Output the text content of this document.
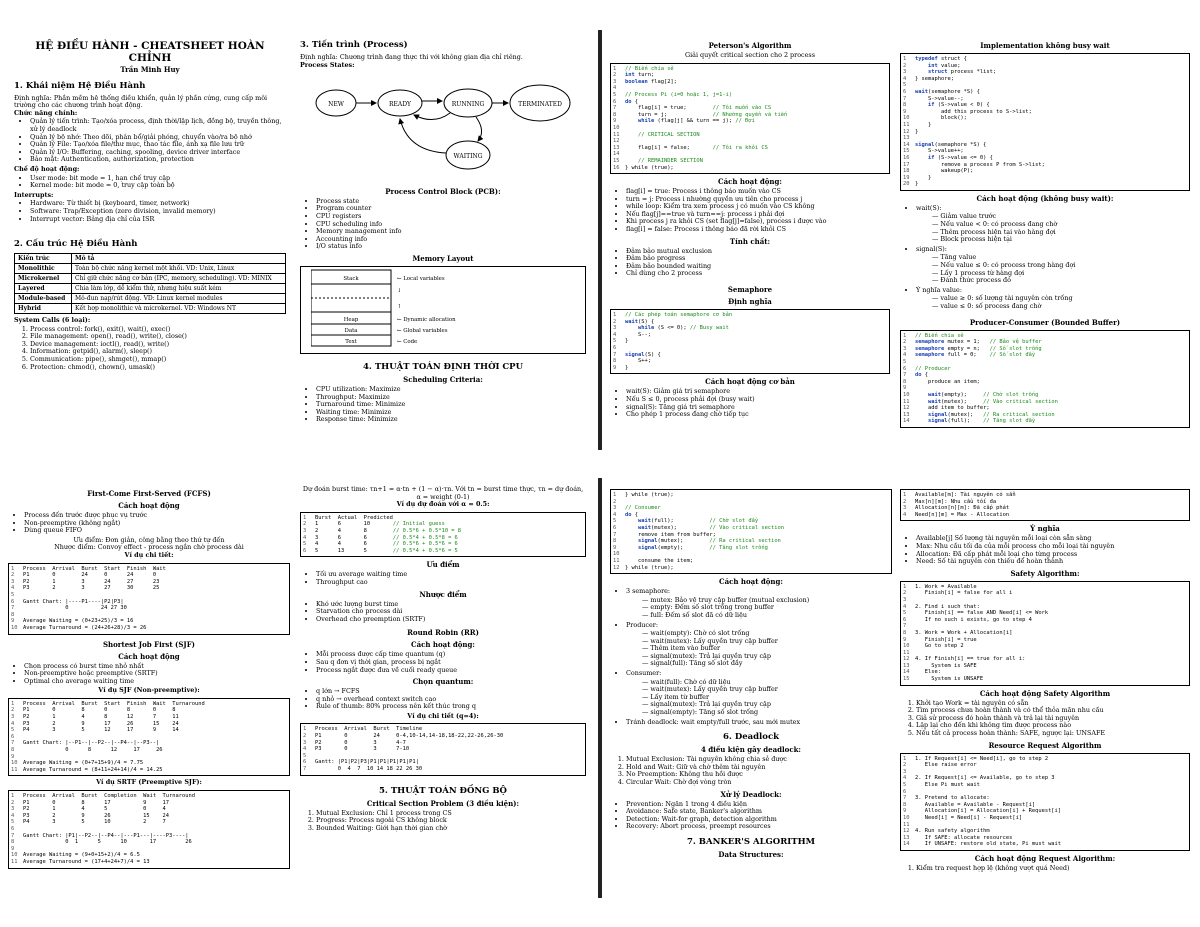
HỆ ĐIỀU HÀNH - CHEATSHEET HOÀN CHỈNH
Trần Minh Huy
1. Khái niệm Hệ Điều Hành
Định nghĩa: Phần mềm hệ thống điều khiển, quản lý phần cứng, cung cấp môi trường cho các chương trình hoạt động.
Chức năng chính:
• Quản lý tiến trình: Tạo/xóa process, định thời/lập lịch, đồng bộ, truyền thông, xử lý deadlock
• Quản lý bộ nhớ: Theo dõi, phân bổ/giải phóng, chuyển vào/ra bộ nhớ
• Quản lý File: Tạo/xóa file/thư mục, thao tác file, ánh xạ file lưu trữ
• Quản lý I/O: Buffering, caching, spooling, device driver interface
• Bảo mật: Authentication, authorization, protection
Chế độ hoạt động:
• User mode: bit mode = 1, hạn chế truy cập
• Kernel mode: bit mode = 0, truy cập toàn bộ
Interrupts:
• Hardware: Từ thiết bị (keyboard, timer, network)
• Software: Trap/Exception (zero division, invalid memory)
• Interrupt vector: Bảng địa chỉ của ISR
2. Cấu trúc Hệ Điều Hành
Kiến trúc	Mô tả
Monolithic	Toàn bộ chức năng kernel một khối. VD: Unix, Linux
Microkernel	Chỉ giữ chức năng cơ bản (IPC, memory, scheduling). VD: MINIX
Layered	Chia làm lớp, dễ kiểm thử, nhưng hiệu suất kém
Module-based	Mô-đun nạp/rút động. VD: Linux kernel modules
Hybrid	Kết hợp monolithic và microkernel. VD: Windows NT
System Calls (6 loại):
1. Process control: fork(), exit(), wait(), exec()
2. File management: open(), read(), write(), close()
3. Device management: ioctl(), read(), write()
4. Information: getpid(), alarm(), sleep()
5. Communication: pipe(), shmget(), mmap()
6. Protection: chmod(), chown(), umask()
3. Tiến trình (Process)
Định nghĩa: Chương trình đang thực thi với không gian địa chỉ riêng.
Process States:
NEW	READY	RUNNING	TERMINATED
WAITING
Process Control Block (PCB):
• Process state
• Program counter
• CPU registers
• CPU scheduling info
• Memory management info
• Accounting info
• I/O status info
Memory Layout

Stack	← Local variables
↓
↑
Heap	← Dynamic allocation
Data	← Global variables
Text	← Code

4. THUẬT TOÁN ĐỊNH THỜI CPU
Scheduling Criteria:
• CPU utilization: Maximize
• Throughput: Maximize
• Turnaround time: Minimize
• Waiting time: Minimize
• Response time: Minimize
Peterson's Algorithm
Giải quyết critical section cho 2 process
1
2
3
4
5
6
7
8
9
10
11
12
13
14
15
16
// Biến chia sẻ
int turn;
boolean flag[2];

// Process Pi (i=0 hoặc 1, j=1-i)
do {
flag[i] = true;        // Tôi muốn vào CS
turn = j;              // Nhường quyền và tiến
while (flag[j] && turn == j); // Đợi

// CRITICAL SECTION

flag[i] = false;       // Tôi ra khỏi CS

// REMAINDER SECTION
} while (true);
Cách hoạt động:
• flag[i] = true: Process i thông báo muốn vào CS
• turn = j: Process i nhường quyền ưu tiên cho process j
• while loop: Kiểm tra xem process j có muốn vào CS không
• Nếu flag[j]==true và turn==j: process i phải đợi
• Khi process j ra khỏi CS (set flag[j]=false), process i được vào
• flag[i] = false: Process i thông báo đã rời khỏi CS
Tính chất:
• Đảm bảo mutual exclusion
• Đảm bảo progress
• Đảm bảo bounded waiting
• Chỉ dùng cho 2 process
Semaphore
Định nghĩa
1
2
3
4
5
6
7
8
9
// Các phép toán semaphore cơ bản
wait(S) {
while (S <= 0); // Busy wait
S--;
}

signal(S) {
S++;
}
Cách hoạt động cơ bản
• wait(S): Giảm giá trị semaphore
• Nếu S ≤ 0, process phải đợi (busy wait)
• signal(S): Tăng giá trị semaphore
• Cho phép 1 process đang chờ tiếp tục
Implementation không busy wait
1
2
3
4
5
6
7
8
9
10
11
12
13
14
15
16
17
18
19
20
typedef struct {
int value;
struct process *list;
} semaphore;

wait(semaphore *S) {
S->value--;
if (S->value < 0) {
add this process to S->list;
block();
}
}

signal(semaphore *S) {
S->value++;
if (S->value <= 0) {
remove a process P from S->list;
wakeup(P);
}
}
Cách hoạt động (không busy wait):
• wait(S):
— Giảm value trước
— Nếu value < 0: có process đang chờ
— Thêm process hiện tại vào hàng đợi
— Block process hiện tại
• signal(S):
— Tăng value
— Nếu value ≤ 0: có process trong hàng đợi
— Lấy 1 process từ hàng đợi
— Đánh thức process đó
• Ý nghĩa value:
— value ≥ 0: số lượng tài nguyên còn trống
— value ≤ 0: số process đang chờ
Producer-Consumer (Bounded Buffer)
1
2
3
4
5
6
7
8
9
10
11
12
13
14
// Biến chia sẻ
semaphore mutex = 1;   // Bảo vệ buffer
semaphore empty = n;   // Số slot trống
semaphore full = 0;    // Số slot đầy

// Producer
do {
produce an item;

wait(empty);     // Chờ slot trống
wait(mutex);     // Vào critical section
add item to buffer;
signal(mutex);   // Ra critical section
signal(full);    // Tăng slot đầy
First-Come First-Served (FCFS)
Cách hoạt động
• Process đến trước được phục vụ trước
• Non-preemptive (không ngắt)
• Dùng queue FIFO
Ưu điểm: Đơn giản, công bằng theo thứ tự đến
Nhược điểm: Convoy effect - process ngắn chờ process dài
Ví dụ chi tiết:
1
2
3
4
5
6
7
8
9
10
Process  Arrival  Burst  Start  Finish  Wait
P1       0        24     0      24      0
P2       1        3      24     27      23
P3       2        3      27     30      25

Gantt Chart: |----P1----|P2|P3|
0          24 27 30

Average Waiting = (0+23+25)/3 = 16
Average Turnaround = (24+26+28)/3 = 26
Shortest Job First (SJF)
Cách hoạt động
• Chọn process có burst time nhỏ nhất
• Non-preemptive hoặc preemptive (SRTF)
• Optimal cho average waiting time
Ví dụ SJF (Non-preemptive):
1
2
3
4
5
6
7
8
9
10
11
Process  Arrival  Burst  Start  Finish  Wait  Turnaround
P1       0        8      0      8       0     8
P2       1        4      8      12      7     11
P3       2        9      17     26      15    24
P4       3        5      12     17      9     14

Gantt Chart: |--P1--|--P2--|--P4--|--P3--|
0      8      12     17     26

Average Waiting = (0+7+15+9)/4 = 7.75
Average Turnaround = (8+11+24+14)/4 = 14.25
Ví dụ SRTF (Preemptive SJF):
1
2
3
4
5
6
7
8
9
10
11
Process  Arrival  Burst  Completion  Wait  Turnaround
P1       0        8      17          9     17
P2       1        4      5           0     4
P3       2        9      26          15    24
P4       3        5      10          2     7

Gantt Chart: |P1|--P2--|--P4--|---P1---|----P3----|
0  1      5      10       17         26

Average Waiting = (9+0+15+2)/4 = 6.5
Average Turnaround = (17+4+24+7)/4 = 13
Dự đoán burst time: τn+1 = α·tn + (1 − α)·τn. Với tn = burst time thực, τn = dự đoán, α = weight (0-1)
Ví dụ dự đoán với α = 0.5:
1
2
3
4
5
6
Burst  Actual  Predicted
1      6       10       // Initial guess
2      4       8        // 0.5*6 + 0.5*10 = 8
3      6       6        // 0.5*4 + 0.5*8 = 6
4      4       6        // 0.5*6 + 0.5*6 = 6
5      13      5        // 0.5*4 + 0.5*6 = 5
Ưu điểm
• Tối ưu average waiting time
• Throughput cao
Nhược điểm
• Khó ước lượng burst time
• Starvation cho process dài
• Overhead cho preemption (SRTF)
Round Robin (RR)
Cách hoạt động:
• Mỗi process được cấp time quantum (q)
• Sau q đơn vị thời gian, process bị ngắt
• Process ngắt được đưa về cuối ready queue
Chọn quantum:
• q lớn → FCFS
• q nhỏ → overhead context switch cao
• Rule of thumb: 80% process nên kết thúc trong q
Ví dụ chi tiết (q=4):
1
2
3
4
5
6
7
Process  Arrival  Burst  Timeline
P1       0        24     0-4,10-14,14-18,18-22,22-26,26-30
P2       0        3      4-7
P3       0        3      7-10

Gantt: |P1|P2|P3|P1|P1|P1|P1|P1|
0  4  7  10 14 18 22 26 30
5. THUẬT TOÁN ĐỒNG BỘ
Critical Section Problem (3 điều kiện):
1. Mutual Exclusion: Chỉ 1 process trong CS
2. Progress: Process ngoài CS không block
3. Bounded Waiting: Giới hạn thời gian chờ
1
2
3
4
5
6
7
8
9
10
11
12
} while (true);

// Consumer
do {
wait(full);           // Chờ slot đầy
wait(mutex);          // Vào critical section
remove item from buffer;
signal(mutex);        // Ra critical section
signal(empty);        // Tăng slot trống

consume the item;
} while (true);
Cách hoạt động:
• 3 semaphore:
— mutex: Bảo vệ truy cập buffer (mutual exclusion)
— empty: Đếm số slot trống trong buffer
— full: Đếm số slot đã có dữ liệu
• Producer:
— wait(empty): Chờ có slot trống
— wait(mutex): Lấy quyền truy cập buffer
— Thêm item vào buffer
— signal(mutex): Trả lại quyền truy cập
— signal(full): Tăng số slot đầy
• Consumer:
— wait(full): Chờ có dữ liệu
— wait(mutex): Lấy quyền truy cập buffer
— Lấy item từ buffer
— signal(mutex): Trả lại quyền truy cập
— signal(empty): Tăng số slot trống
• Tránh deadlock: wait empty/full trước, sau mới mutex
6. Deadlock
4 điều kiện gây deadlock:
1. Mutual Exclusion: Tài nguyên không chia sẻ được
2. Hold and Wait: Giữ và chờ thêm tài nguyên
3. No Preemption: Không thu hồi được
4. Circular Wait: Chờ đợi vòng tròn
Xử lý Deadlock:
• Prevention: Ngăn 1 trong 4 điều kiện
• Avoidance: Safe state, Banker's algorithm
• Detection: Wait-for graph, detection algorithm
• Recovery: Abort process, preempt resources
7. BANKER'S ALGORITHM
Data Structures:
1
2
3
4
Available[m]: Tài nguyên có sẵn
Max[n][m]: Nhu cầu tối đa
Allocation[n][m]: Đã cấp phát
Need[n][m] = Max - Allocation
Ý nghĩa
• Available[j] Số lượng tài nguyên mỗi loại còn sẵn sàng
• Max: Nhu cầu tối đa của mỗi process cho mỗi loại tài nguyên
• Allocation: Đã cấp phát mỗi loại cho từng process
• Need: Số tài nguyên còn thiếu để hoàn thành
Safety Algorithm:
1
2
3
4
5
6
7
8
9
10
11
12
13
14
15
1. Work = Available
Finish[i] = false for all i

2. Find i such that:
Finish[i] == false AND Need[i] <= Work
If no such i exists, go to step 4

3. Work = Work + Allocation[i]
Finish[i] = true
Go to step 2

4. If Finish[i] == true for all i:
System is SAFE
Else:
System is UNSAFE
Cách hoạt động Safety Algorithm
1. Khởi tạo Work = tài nguyên có sẵn
2. Tìm process chưa hoàn thành và có thể thỏa mãn nhu cầu
3. Giả sử process đó hoàn thành và trả lại tài nguyên
4. Lặp lại cho đến khi không tìm được process nào
5. Nếu tất cả process hoàn thành: SAFE, ngược lại: UNSAFE
Resource Request Algorithm
1
2
3
4
5
6
7
8
9
10
11
12
13
14
1. If Request[i] <= Need[i], go to step 2
Else raise error

2. If Request[i] <= Available, go to step 3
Else Pi must wait

3. Pretend to allocate:
Available = Available - Request[i]
Allocation[i] = Allocation[i] + Request[i]
Need[i] = Need[i] - Request[i]

4. Run safety algorithm
If SAFE: allocate resources
If UNSAFE: restore old state, Pi must wait
Cách hoạt động Request Algorithm:
1. Kiểm tra request hợp lệ (không vượt quá Need)
